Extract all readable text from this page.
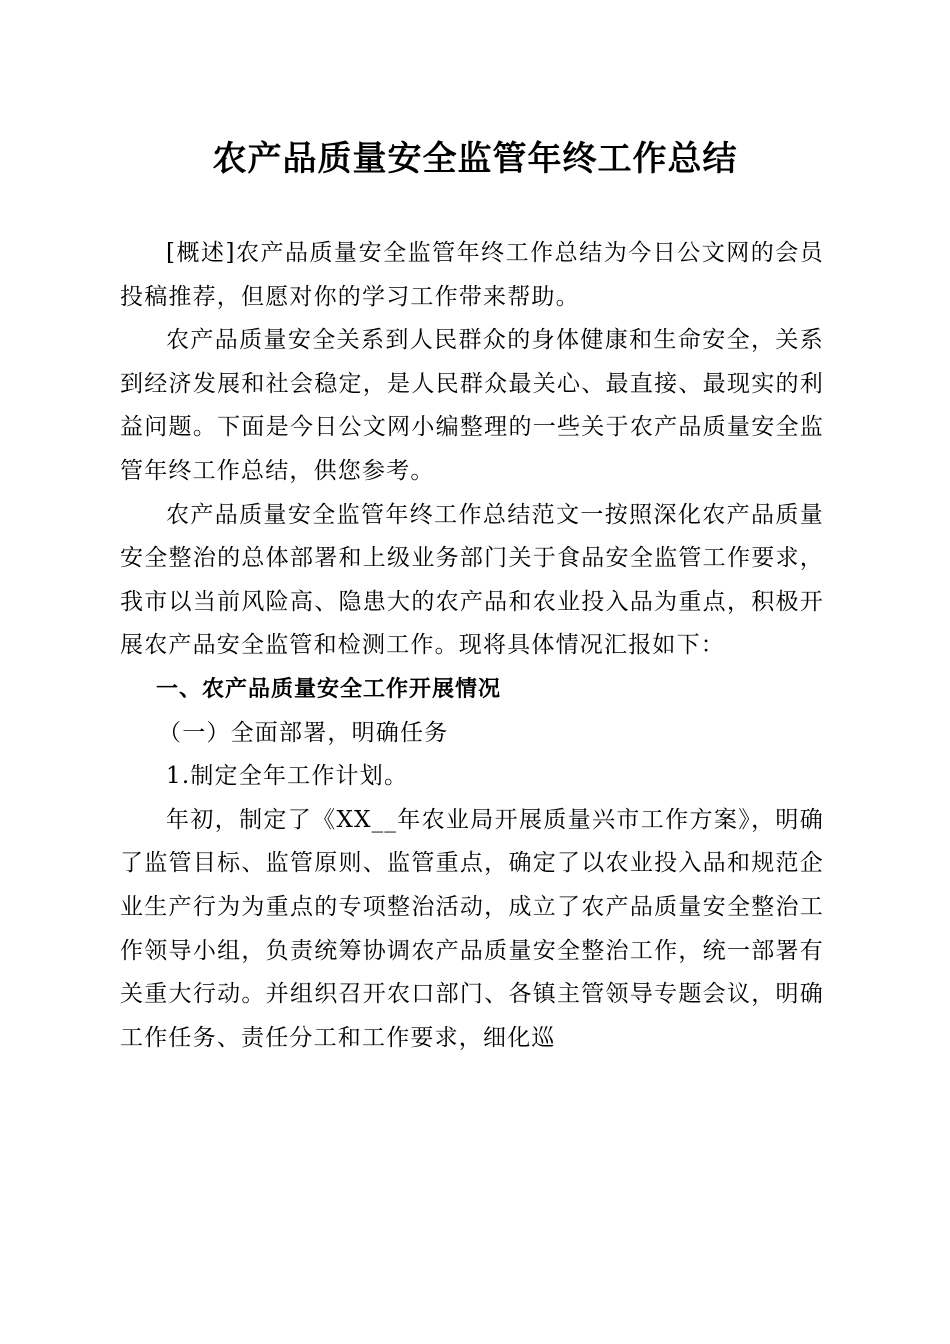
农产品质量安全监管年终工作总结

[概述]农产品质量安全监管年终工作总结为今日公文网的会员投稿推荐，但愿对你的学习工作带来帮助。

农产品质量安全关系到人民群众的身体健康和生命安全，关系到经济发展和社会稳定，是人民群众最关心、最直接、最现实的利益问题。下面是今日公文网小编整理的一些关于农产品质量安全监管年终工作总结，供您参考。

农产品质量安全监管年终工作总结范文一按照深化农产品质量安全整治的总体部署和上级业务部门关于食品安全监管工作要求，我市以当前风险高、隐患大的农产品和农业投入品为重点，积极开展农产品安全监管和检测工作。现将具体情况汇报如下：

一、农产品质量安全工作开展情况

（一）全面部署，明确任务

1.制定全年工作计划。

年初，制定了《XX__年农业局开展质量兴市工作方案》，明确了监管目标、监管原则、监管重点，确定了以农业投入品和规范企业生产行为为重点的专项整治活动，成立了农产品质量安全整治工作领导小组，负责统筹协调农产品质量安全整治工作，统一部署有关重大行动。并组织召开农口部门、各镇主管领导专题会议，明确工作任务、责任分工和工作要求，细化巡
